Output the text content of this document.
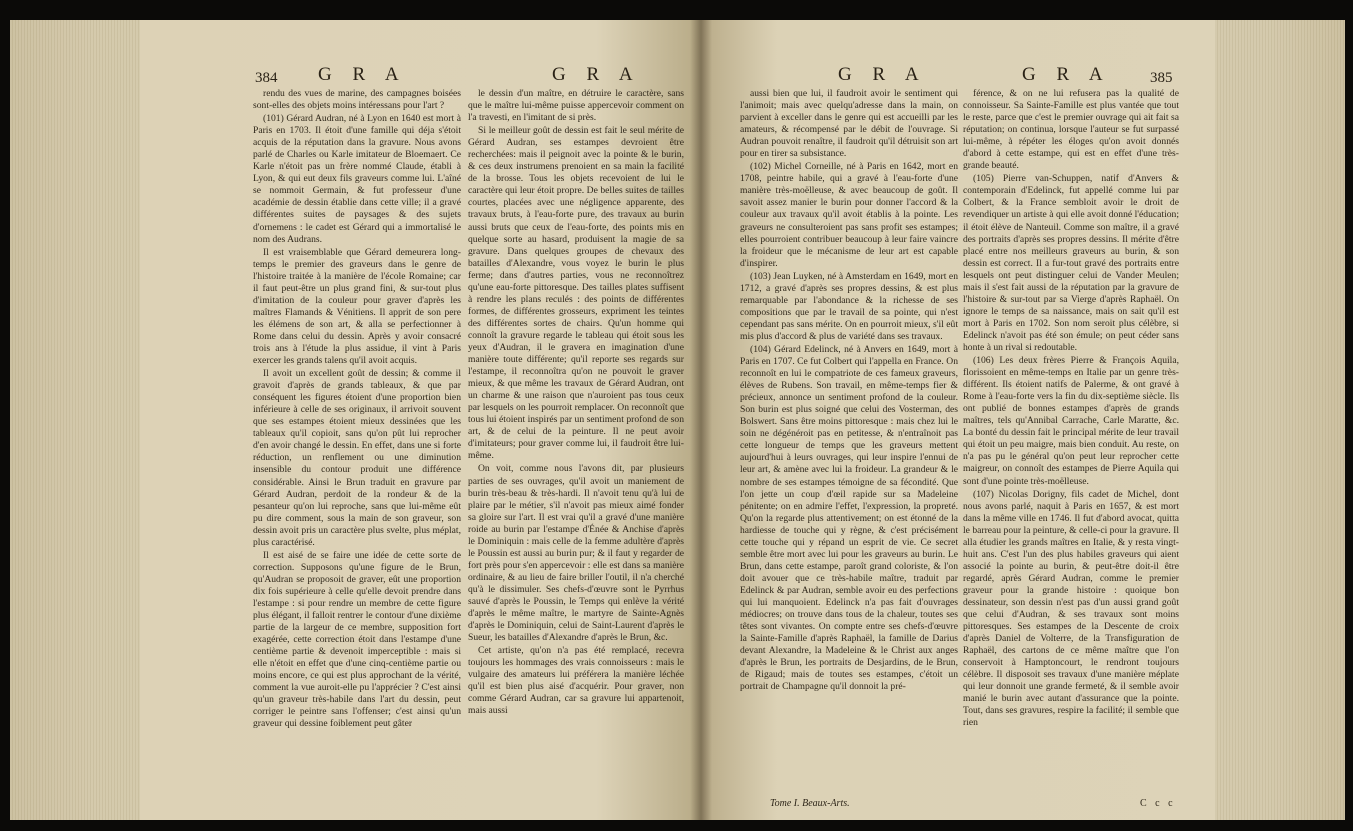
384 G R A	G R A	G R A	G R A	385

rendu des vues de marine, des campagnes boisées sont-elles des objets moins intéressans pour l'art ?

(101) Gérard Audran, né à Lyon en 1640 est mort à Paris en 1703. Il étoit d'une famille qui déja s'étoit acquis de la réputation dans la gravure. Nous avons parlé de Charles ou Karle imitateur de Bloemaert. Ce Karle n'étoit pas un frère nommé Claude, établi à Lyon, & qui eut deux fils graveurs comme lui. L'aîné se nommoit Germain, & fut professeur d'une académie de dessin établie dans cette ville; il a gravé différentes suites de paysages & des sujets d'ornemens : le cadet est Gérard qui a immortalisé le nom des Audrans.

Il est vraisemblable que Gérard demeurera long-temps le premier des graveurs dans le genre de l'histoire traitée à la manière de l'école Romaine; car il faut peut-être un plus grand fini, & sur-tout plus d'imitation de la couleur pour graver d'après les maîtres Flamands & Vénitiens. Il apprit de son pere les élémens de son art, & alla se perfectionner à Rome dans celui du dessin. Après y avoir consacré trois ans à l'étude la plus assidue, il vint à Paris exercer les grands talens qu'il avoit acquis.

Il avoit un excellent goût de dessin; & comme il gravoit d'après de grands tableaux, & que par conséquent les figures étoient d'une proportion bien inférieure à celle de ses originaux, il arrivoit souvent que ses estampes étoient mieux dessinées que les tableaux qu'il copioit, sans qu'on pût lui reprocher d'en avoir changé le dessin. En effet, dans une si forte réduction, un renflement ou une diminution insensible du contour produit une différence considérable. Ainsi le Brun traduit en gravure par Gérard Audran, perdoit de la rondeur & de la pesanteur qu'on lui reproche, sans que lui-même eût pu dire comment, sous la main de son graveur, son dessin avoit pris un caractère plus svelte, plus méplat, plus caractérisé.

Il est aisé de se faire une idée de cette sorte de correction. Supposons qu'une figure de le Brun, qu'Audran se proposoit de graver, eût une proportion dix fois supérieure à celle qu'elle devoit prendre dans l'estampe : si pour rendre un membre de cette figure plus élégant, il falloit rentrer le contour d'une dixième partie de la largeur de ce membre, supposition fort exagérée, cette correction étoit dans l'estampe d'une centième partie & devenoit imperceptible : mais si elle n'étoit en effet que d'une cinq-centième partie ou moins encore, ce qui est plus approchant de la vérité, comment la vue auroit-elle pu l'apprécier ? C'est ainsi qu'un graveur très-habile dans l'art du dessin, peut corriger le peintre sans l'offenser; c'est ainsi qu'un graveur qui dessine foiblement peut gâter

le dessin d'un maître, en détruire le caractère, sans que le maître lui-même puisse appercevoir comment on l'a travesti, en l'imitant de si près.

Si le meilleur goût de dessin est fait le seul mérite de Gérard Audran, ses estampes devroient être recherchées: mais il peignoit avec la pointe & le burin, & ces deux instrumens prenoient en sa main la facilité de la brosse. Tous les objets recevoient de lui le caractère qui leur étoit propre. De belles suites de tailles courtes, placées avec une négligence apparente, des travaux bruts, à l'eau-forte pure, des travaux au burin aussi bruts que ceux de l'eau-forte, des points mis en quelque sorte au hasard, produisent la magie de sa gravure. Dans quelques groupes de chevaux des batailles d'Alexandre, vous voyez le burin le plus ferme; dans d'autres parties, vous ne reconnoîtrez qu'une eau-forte pittoresque. Des tailles plates suffisent à rendre les plans reculés : des points de différentes formes, de différentes grosseurs, expriment les teintes des différentes sortes de chairs. Qu'un homme qui connoît la gravure regarde le tableau qui étoit sous les yeux d'Audran, il le gravera en imagination d'une manière toute différente; qu'il reporte ses regards sur l'estampe, il reconnoîtra qu'on ne pouvoit le graver mieux, & que même les travaux de Gérard Audran, ont un charme & une raison que n'auroient pas tous ceux par lesquels on les pourroit remplacer. On reconnoît que tous lui étoient inspirés par un sentiment profond de son art, & de celui de la peinture. Il ne peut avoir d'imitateurs; pour graver comme lui, il faudroit être lui-même.

On voit, comme nous l'avons dit, par plusieurs parties de ses ouvrages, qu'il avoit un maniement de burin très-beau & très-hardi. Il n'avoit tenu qu'à lui de plaire par le métier, s'il n'avoit pas mieux aimé fonder sa gloire sur l'art. Il est vrai qu'il a gravé d'une manière roide au burin par l'estampe d'Énée & Anchise d'après le Dominiquin : mais celle de la femme adultère d'après le Poussin est aussi au burin pur; & il faut y regarder de fort près pour s'en appercevoir : elle est dans sa manière ordinaire, & au lieu de faire briller l'outil, il n'a cherché qu'à le dissimuler. Ses chefs-d'œuvre sont le Pyrrhus sauvé d'après le Poussin, le Temps qui enlève la vérité d'après le même maître, le martyre de Sainte-Agnès d'après le Dominiquin, celui de Saint-Laurent d'après le Sueur, les batailles d'Alexandre d'après le Brun, &c.

Cet artiste, qu'on n'a pas été remplacé, recevra toujours les hommages des vrais connoisseurs : mais le vulgaire des amateurs lui préférera la manière léchée qu'il est bien plus aisé d'acquérir. Pour graver, non comme Gérard Audran, car sa gravure lui appartenoit, mais aussi

aussi bien que lui, il faudroit avoir le sentiment qui l'animoit; mais avec quelqu'adresse dans la main, on parvient à exceller dans le genre qui est accueilli par les amateurs, & récompensé par le débit de l'ouvrage. Si Audran pouvoit renaître, il faudroit qu'il détruisit son art pour en tirer sa subsistance.

(102) Michel Corneille, né à Paris en 1642, mort en 1708, peintre habile, qui a gravé à l'eau-forte d'une manière très-moëlleuse, & avec beaucoup de goût. Il savoit assez manier le burin pour donner l'accord & la couleur aux travaux qu'il avoit établis à la pointe. Les graveurs ne consulteroient pas sans profit ses estampes; elles pourroient contribuer beaucoup à leur faire vaincre la froideur que le mécanisme de leur art est capable d'inspirer.

(103) Jean Luyken, né à Amsterdam en 1649, mort en 1712, a gravé d'après ses propres dessins, & est plus remarquable par l'abondance & la richesse de ses compositions que par le travail de sa pointe, qui n'est cependant pas sans mérite. On en pourroit mieux, s'il eût mis plus d'accord & plus de variété dans ses travaux.

(104) Gérard Edelinck, né à Anvers en 1649, mort à Paris en 1707. Ce fut Colbert qui l'appella en France. On reconnoît en lui le compatriote de ces fameux graveurs, élèves de Rubens. Son travail, en même-temps fier & précieux, annonce un sentiment profond de la couleur. Son burin est plus soigné que celui des Vosterman, des Bolswert. Sans être moins pittoresque : mais chez lui le soin ne dégénéroit pas en petitesse, & n'entraînoit pas cette longueur de temps que les graveurs mettent aujourd'hui à leurs ouvrages, qui leur inspire l'ennui de leur art, & amène avec lui la froideur. La grandeur & le nombre de ses estampes témoigne de sa fécondité. Que l'on jette un coup d'œil rapide sur sa Madeleine pénitente; on en admire l'effet, l'expression, la propreté. Qu'on la regarde plus attentivement; on est étonné de la hardiesse de touche qui y règne, & c'est précisément cette touche qui y répand un esprit de vie. Ce secret semble être mort avec lui pour les graveurs au burin. Le Brun, dans cette estampe, paroît grand coloriste, & l'on doit avouer que ce très-habile maître, traduit par Edelinck & par Audran, semble avoir eu des perfections qui lui manquoient. Edelinck n'a pas fait d'ouvrages médiocres; on trouve dans tous de la chaleur, toutes ses têtes sont vivantes. On compte entre ses chefs-d'œuvre la Sainte-Famille d'après Raphaël, la famille de Darius devant Alexandre, la Madeleine & le Christ aux anges d'après le Brun, les portraits de Desjardins, de le Brun, de Rigaud; mais de toutes ses estampes, c'étoit un portrait de Champagne qu'il donnoit la pré-

férence, & on ne lui refusera pas la qualité de connoisseur. Sa Sainte-Famille est plus vantée que tout le reste, parce que c'est le premier ouvrage qui ait fait sa réputation; on continua, lorsque l'auteur se fut surpassé lui-même, à répéter les éloges qu'on avoit donnés d'abord à cette estampe, qui est en effet d'une très-grande beauté.

(105) Pierre van-Schuppen, natif d'Anvers & contemporain d'Edelinck, fut appellé comme lui par Colbert, & la France sembloit avoir le droit de revendiquer un artiste à qui elle avoit donné l'éducation; il étoit élève de Nanteuil. Comme son maître, il a gravé des portraits d'après ses propres dessins. Il mérite d'être placé entre nos meilleurs graveurs au burin, & son dessin est correct. Il a fur-tout gravé des portraits entre lesquels ont peut distinguer celui de Vander Meulen; mais il s'est fait aussi de la réputation par la gravure de l'histoire & sur-tout par sa Vierge d'après Raphaël. On ignore le temps de sa naissance, mais on sait qu'il est mort à Paris en 1702. Son nom seroit plus célèbre, si Edelinck n'avoit pas été son émule; on peut céder sans honte à un rival si redoutable.

(106) Les deux frères Pierre & François Aquila, florissoient en même-temps en Italie par un genre très-différent. Ils étoient natifs de Palerme, & ont gravé à Rome à l'eau-forte vers la fin du dix-septième siècle. Ils ont publié de bonnes estampes d'après de grands maîtres, tels qu'Annibal Carrache, Carle Maratte, &c. La bonté du dessin fait le principal mérite de leur travail qui étoit un peu maigre, mais bien conduit. Au reste, on n'a pas pu le général qu'on peut leur reprocher cette maigreur, on connoît des estampes de Pierre Aquila qui sont d'une pointe très-moëlleuse.

(107) Nicolas Dorigny, fils cadet de Michel, dont nous avons parlé, naquit à Paris en 1657, & est mort dans la même ville en 1746. Il fut d'abord avocat, quitta le barreau pour la peinture, & celle-ci pour la gravure. Il alla étudier les grands maîtres en Italie, & y resta vingt-huit ans. C'est l'un des plus habiles graveurs qui aient associé la pointe au burin, & peut-être doit-il être regardé, après Gérard Audran, comme le premier graveur pour la grande histoire : quoique bon dessinateur, son dessin n'est pas d'un aussi grand goût que celui d'Audran, & ses travaux sont moins pittoresques. Ses estampes de la Descente de croix d'après Daniel de Volterre, de la Transfiguration de Raphaël, des cartons de ce même maître que l'on conservoit à Hamptoncourt, le rendront toujours célèbre. Il disposoit ses travaux d'une manière méplate qui leur donnoit une grande fermeté, & il semble avoir manié le burin avec autant d'assurance que la pointe. Tout, dans ses gravures, respire la facilité; il semble que rien

Tome I. Beaux-Arts.	C c c
